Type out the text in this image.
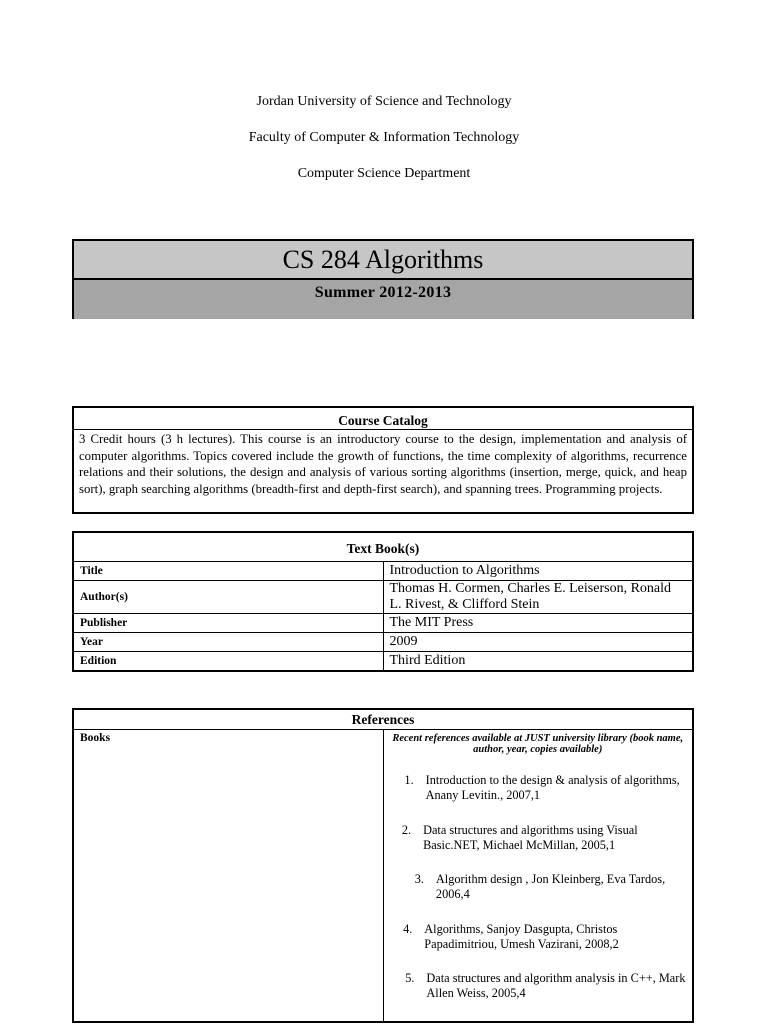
Jordan University of Science and Technology
Faculty of Computer & Information Technology
Computer Science Department
CS 284 Algorithms
Summer 2012-2013
Course Catalog
3 Credit hours (3 h lectures). This course is an introductory course to the design, implementation and analysis of computer algorithms. Topics covered include the growth of functions, the time complexity of algorithms, recurrence relations and their solutions, the design and analysis of various sorting algorithms (insertion, merge, quick, and heap sort), graph searching algorithms (breadth-first and depth-first search), and spanning trees. Programming projects.
Text Book(s)	
Title	Introduction to Algorithms
Author(s)	Thomas H. Cormen, Charles E. Leiserson, Ronald L. Rivest, & Clifford Stein
Publisher	The MIT Press
Year	2009
Edition	Third Edition
References
Books	Recent references available at JUST university library (book name, author, year, copies available)
1. Introduction to the design & analysis of algorithms, Anany Levitin., 2007,1
2. Data structures and algorithms using Visual Basic.NET, Michael McMillan, 2005,1
3. Algorithm design , Jon Kleinberg, Eva Tardos, 2006,4
4. Algorithms, Sanjoy Dasgupta, Christos Papadimitriou, Umesh Vazirani, 2008,2
5. Data structures and algorithm analysis in C++, Mark Allen Weiss, 2005,4
